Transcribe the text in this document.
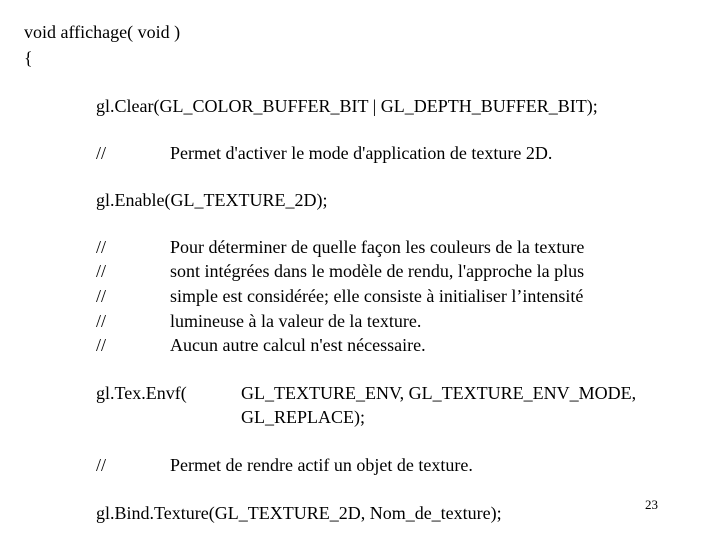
void affichage( void )
{
gl.Clear(GL_COLOR_BUFFER_BIT | GL_DEPTH_BUFFER_BIT);
//	Permet d'activer le mode d'application de texture 2D.
gl.Enable(GL_TEXTURE_2D);
//	Pour déterminer de quelle façon les couleurs de la texture
//	sont intégrées dans le modèle de rendu, l'approche la plus
//	simple est considérée; elle consiste à initialiser l’intensité
//	lumineuse à la valeur de la texture.
//	Aucun autre calcul n'est nécessaire.
gl.Tex.Envf(	GL_TEXTURE_ENV, GL_TEXTURE_ENV_MODE,
GL_REPLACE);
//	Permet de rendre actif un objet de texture.
gl.Bind.Texture(GL_TEXTURE_2D, Nom_de_texture);	23
